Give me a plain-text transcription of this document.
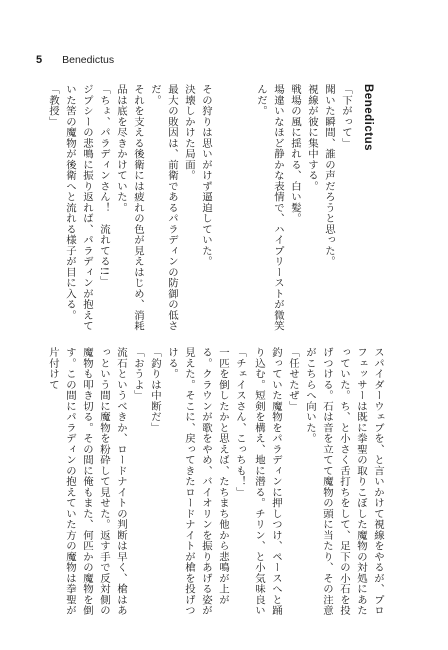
5 Benedictus
Benedictus

「下がって」

聞いた瞬間、誰の声だろうと思った。

視線が彼に集中する。

戦場の風に揺れる、白い髪。

場違いなほど静かな表情で、ハイプリーストが微笑んだ。

その狩りは思いがけず逼迫していた。

決壊しかけた局面。

最大の敗因は、前衛であるパラディンの防御の低さだ。

それを支える後衛には疲れの色が見えはじめ、消耗品は底を尽きかけていた。

「ちょ、パラディンさん！　流れてる!!」

ジプシーの悲鳴に振り返れば、パラディンが抱えていた筈の魔物が後衛へと流れる様子が目に入る。

「教授」

スパイダーウェブを、と言いかけて視線をやるが、プロフェッサーは既に拳聖の取りこぼした魔物の対処にあたっていた。ち、と小さく舌打ちをして、足下の小石を投げつける。石は音を立てて魔物の頭に当たり、その注意がこちらへ向いた。

「任せたぜ」

釣っていた魔物をパラディンに押しつけ、ペースへと踊り込む。短剣を構え、地に潜る。チリン、と小気味良い

「チェイスさん、こっちも！」

一匹を倒したかと思えば、たちまち他から悲鳴が上がる。クラウンが歌をやめ、バイオリンを振りあげる姿が見えた。そこに、戻ってきたロードナイトが槍を投げつける。

「釣りは中断だ」

「おうよ」

流石というべきか、ロードナイトの判断は早く、槍はあっという間に魔物を粉砕して見せた。返す手で反対側の魔物も叩き切る。その間に俺もまた、何匹かの魔物を倒す。この間にパラディンの抱えていた方の魔物は拳聖が片付けて
